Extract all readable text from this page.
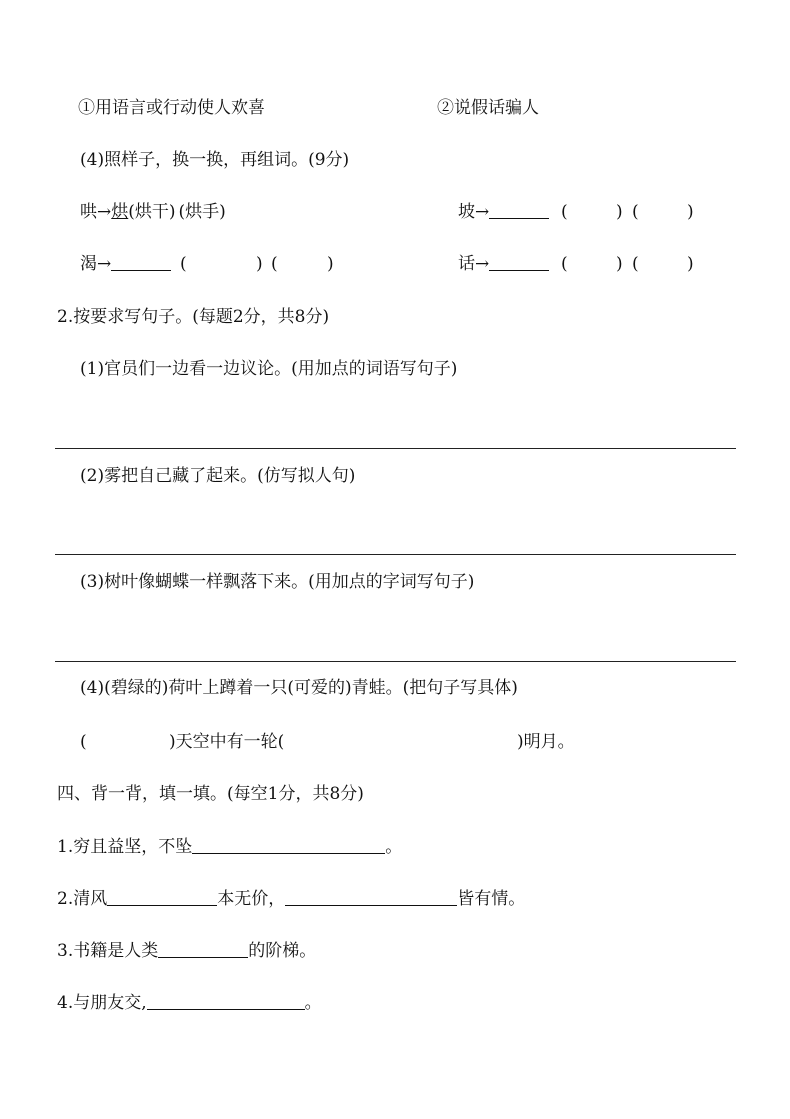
①用语言或行动使人欢喜	②说假话骗人
(4)照样子，换一换，再组词。(9分)
哄→烘(烘干) (烘手)	坡→	(	) (	)
渴→	(	) (	)	话→	(	) (	)
2.按要求写句子。(每题2分，共8分)
(1)官员们一边看一边议论。(用加点的词语写句子)
(2)雾把自己藏了起来。(仿写拟人句)
(3)树叶像蝴蝶一样飘落下来。(用加点的字词写句子)
(4)(碧绿的)荷叶上蹲着一只(可爱的)青蛙。(把句子写具体)
(	)天空中有一轮(	)明月。
四、背一背，填一填。(每空1分，共8分)
1.穷且益坚，不坠	。
2.清风	本无价，	皆有情。
3.书籍是人类	的阶梯。
4.与朋友交,	。
